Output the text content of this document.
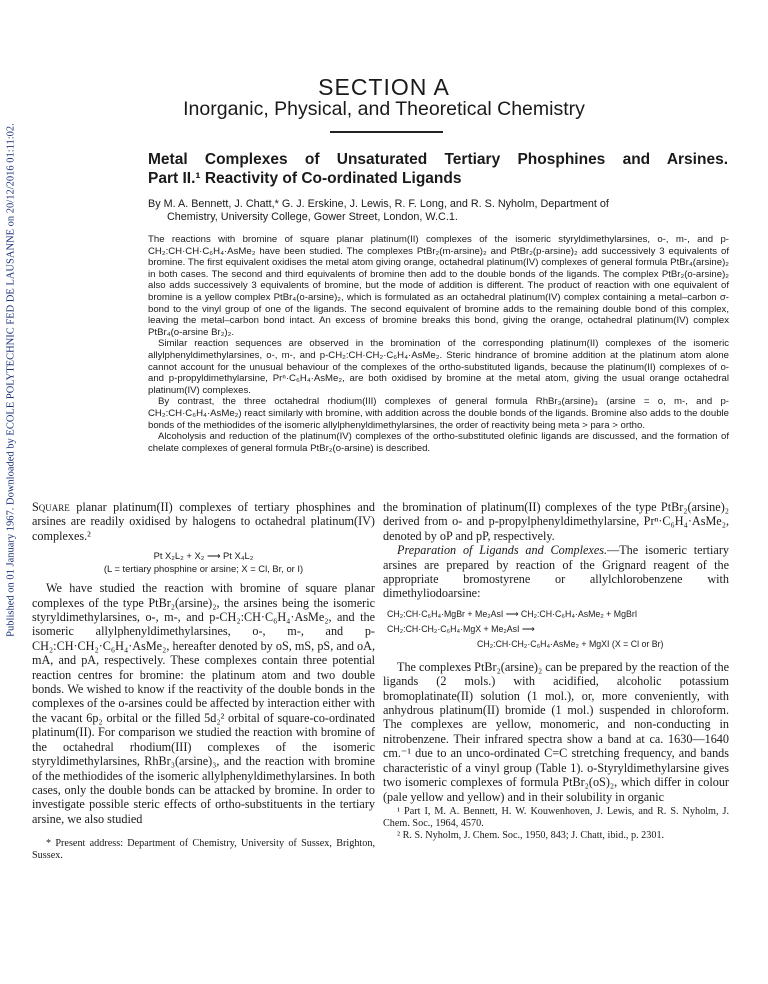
Published on 01 January 1967. Downloaded by ECOLE POLYTECHNIC FED DE LAUSANNE on 20/12/2016 01:11:02.
SECTION A
Inorganic, Physical, and Theoretical Chemistry
Metal Complexes of Unsaturated Tertiary Phosphines and Arsines.
Part II.¹ Reactivity of Co-ordinated Ligands
By M. A. Bennett, J. Chatt,* G. J. Erskine, J. Lewis, R. F. Long, and R. S. Nyholm, Department of
Chemistry, University College, Gower Street, London, W.C.1.

The reactions with bromine of square planar platinum(II) complexes of the isomeric styryldimethylarsines, o-, m-, and p-CH₂:CH·CH·C₆H₄·AsMe₂ have been studied. The complexes PtBr₂(m-arsine)₂ and PtBr₂(p-arsine)₂ add successively 3 equivalents of bromine. The first equivalent oxidises the metal atom giving orange, octahedral platinum(IV) complexes of general formula PtBr₄(arsine)₂ in both cases. The second and third equivalents of bromine then add to the double bonds of the ligands. The complex PtBr₂(o-arsine)₂ also adds successively 3 equivalents of bromine, but the mode of addition is different. The product of reaction with one equivalent of bromine is a yellow complex PtBr₄(o-arsine)₂, which is formulated as an octahedral platinum(IV) complex containing a metal–carbon σ-bond to the vinyl group of one of the ligands. The second equivalent of bromine adds to the remaining double bond of this complex, leaving the metal–carbon bond intact. An excess of bromine breaks this bond, giving the orange, octahedral platinum(IV) complex PtBr₄(o-arsine Br₂)₂.

Similar reaction sequences are observed in the bromination of the corresponding platinum(II) complexes of the isomeric allylphenyldimethylarsines, o-, m-, and p-CH₂:CH·CH₂·C₆H₄·AsMe₂. Steric hindrance of bromine addition at the platinum atom alone cannot account for the unusual behaviour of the complexes of the ortho-substituted ligands, because the platinum(II) complexes of o- and p-propyldimethylarsine, Prⁿ·C₆H₄·AsMe₂, are both oxidised by bromine at the metal atom, giving the usual orange octahedral platinum(IV) complexes.

By contrast, the three octahedral rhodium(III) complexes of general formula RhBr₃(arsine)₃ (arsine = o, m-, and p-CH₂:CH·C₆H₄·AsMe₂) react similarly with bromine, with addition across the double bonds of the ligands. Bromine also adds to the double bonds of the methiodides of the isomeric allylphenyldimethylarsines, the order of reactivity being meta > para > ortho.

Alcoholysis and reduction of the platinum(IV) complexes of the ortho-substituted olefinic ligands are discussed, and the formation of chelate complexes of general formula PtBr₂(o-arsine) is described.

Square planar platinum(II) complexes of tertiary phosphines and arsines are readily oxidised by halogens to octahedral platinum(IV) complexes.²

Pt X₂L₂ + X₂ ⟶ Pt X₄L₂
(L = tertiary phosphine or arsine; X = Cl, Br, or I)

We have studied the reaction with bromine of square planar complexes of the type PtBr₂(arsine)₂, the arsines being the isomeric styryldimethylarsines, o-, m-, and p-CH₂:CH·C₆H₄·AsMe₂, and the isomeric allylphenyldimethylarsines, o-, m-, and p-CH₂:CH·CH₂·C₆H₄·AsMe₂, hereafter denoted by oS, mS, pS, and oA, mA, and pA, respectively. These complexes contain three potential reaction centres for bromine: the platinum atom and two double bonds. We wished to know if the reactivity of the double bonds in the complexes of the o-arsines could be affected by interaction either with the vacant 6p₂ orbital or the filled 5d₂² orbital of square-co-ordinated platinum(II). For comparison we studied the reaction with bromine of the octahedral rhodium(III) complexes of the isomeric styryldimethylarsines, RhBr₃(arsine)₃, and the reaction with bromine of the methiodides of the isomeric allylphenyldimethylarsines. In both cases, only the double bonds can be attacked by bromine. In order to investigate possible steric effects of ortho-substituents in the tertiary arsine, we also studied

* Present address: Department of Chemistry, University of Sussex, Brighton, Sussex.

the bromination of platinum(II) complexes of the type PtBr₂(arsine)₂ derived from o- and p-propylphenyldimethylarsine, Prⁿ·C₆H₄·AsMe₂, denoted by oP and pP, respectively.

Preparation of Ligands and Complexes.—The isomeric tertiary arsines are prepared by reaction of the Grignard reagent of the appropriate bromostyrene or allylchlorobenzene with dimethyliodoarsine:

CH₂:CH·C₆H₄·MgBr + Me₂AsI ⟶ CH₂:CH·C₆H₄·AsMe₂ + MgBrI
CH₂:CH·CH₂·C₆H₄·MgX + Me₂AsI ⟶
CH₂:CH·CH₂·C₆H₄·AsMe₂ + MgXI (X = Cl or Br)

The complexes PtBr₂(arsine)₂ can be prepared by the reaction of the ligands (2 mols.) with acidified, alcoholic potassium bromoplatinate(II) solution (1 mol.), or, more conveniently, with anhydrous platinum(II) bromide (1 mol.) suspended in chloroform. The complexes are yellow, monomeric, and non-conducting in nitrobenzene. Their infrared spectra show a band at ca. 1630—1640 cm.⁻¹ due to an unco-ordinated C=C stretching frequency, and bands characteristic of a vinyl group (Table 1). o-Styryldimethylarsine gives two isomeric complexes of formula PtBr₂(oS)₂, which differ in colour (pale yellow and yellow) and in their solubility in organic

¹ Part I, M. A. Bennett, H. W. Kouwenhoven, J. Lewis, and R. S. Nyholm, J. Chem. Soc., 1964, 4570.

² R. S. Nyholm, J. Chem. Soc., 1950, 843; J. Chatt, ibid., p. 2301.
